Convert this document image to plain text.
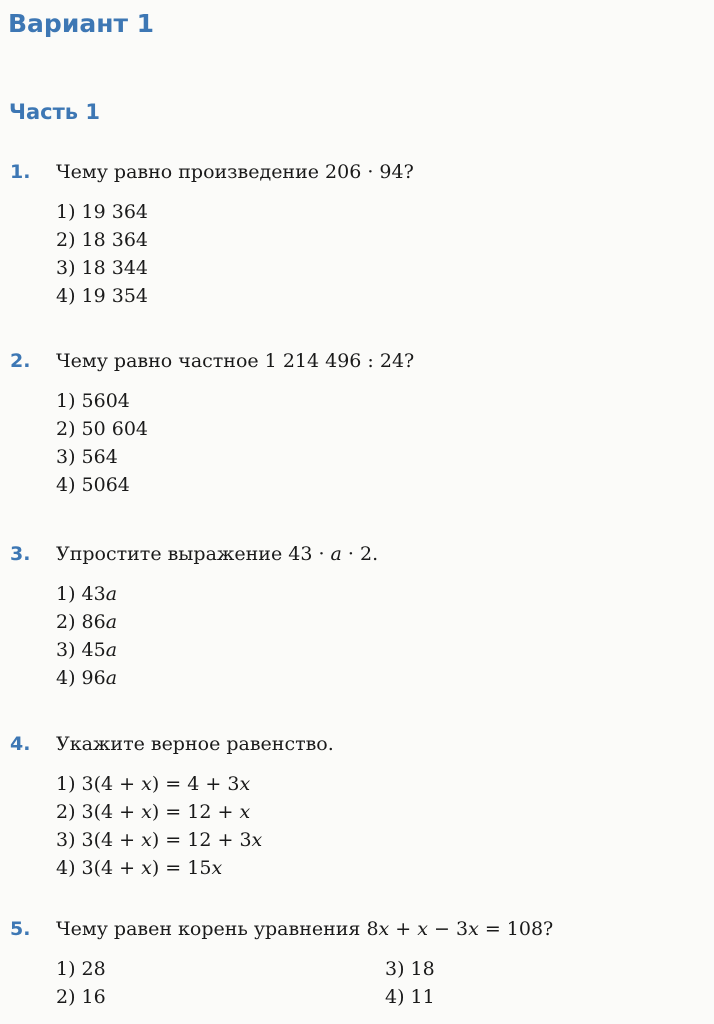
Вариант 1
Часть 1
1. Чему равно произведение 206 · 94?
1) 19 364
2) 18 364
3) 18 344
4) 19 354
2. Чему равно частное 1 214 496 : 24?
1) 5604
2) 50 604
3) 564
4) 5064
3. Упростите выражение 43 · a · 2.
1) 43a
2) 86a
3) 45a
4) 96a
4. Укажите верное равенство.
1) 3(4 + x) = 4 + 3x
2) 3(4 + x) = 12 + x
3) 3(4 + x) = 12 + 3x
4) 3(4 + x) = 15x
5. Чему равен корень уравнения 8x + x − 3x = 108?
1) 28
2) 16
3) 18
4) 11
